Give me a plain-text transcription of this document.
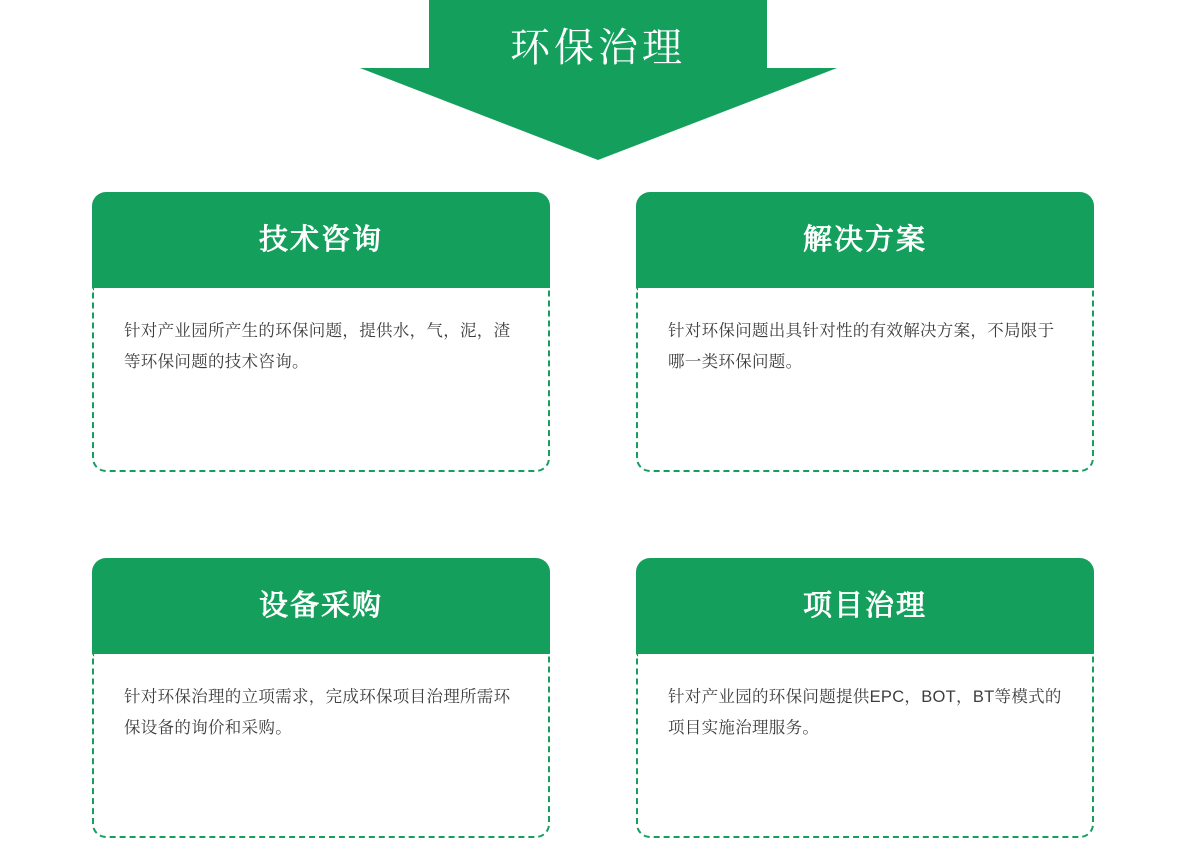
环保治理
技术咨询
针对产业园所产生的环保问题，提供水，气，泥，渣等环保问题的技术咨询。
解决方案
针对环保问题出具针对性的有效解决方案，不局限于哪一类环保问题。
设备采购
针对环保治理的立项需求，完成环保项目治理所需环保设备的询价和采购。
项目治理
针对产业园的环保问题提供EPC，BOT，BT等模式的项目实施治理服务。
